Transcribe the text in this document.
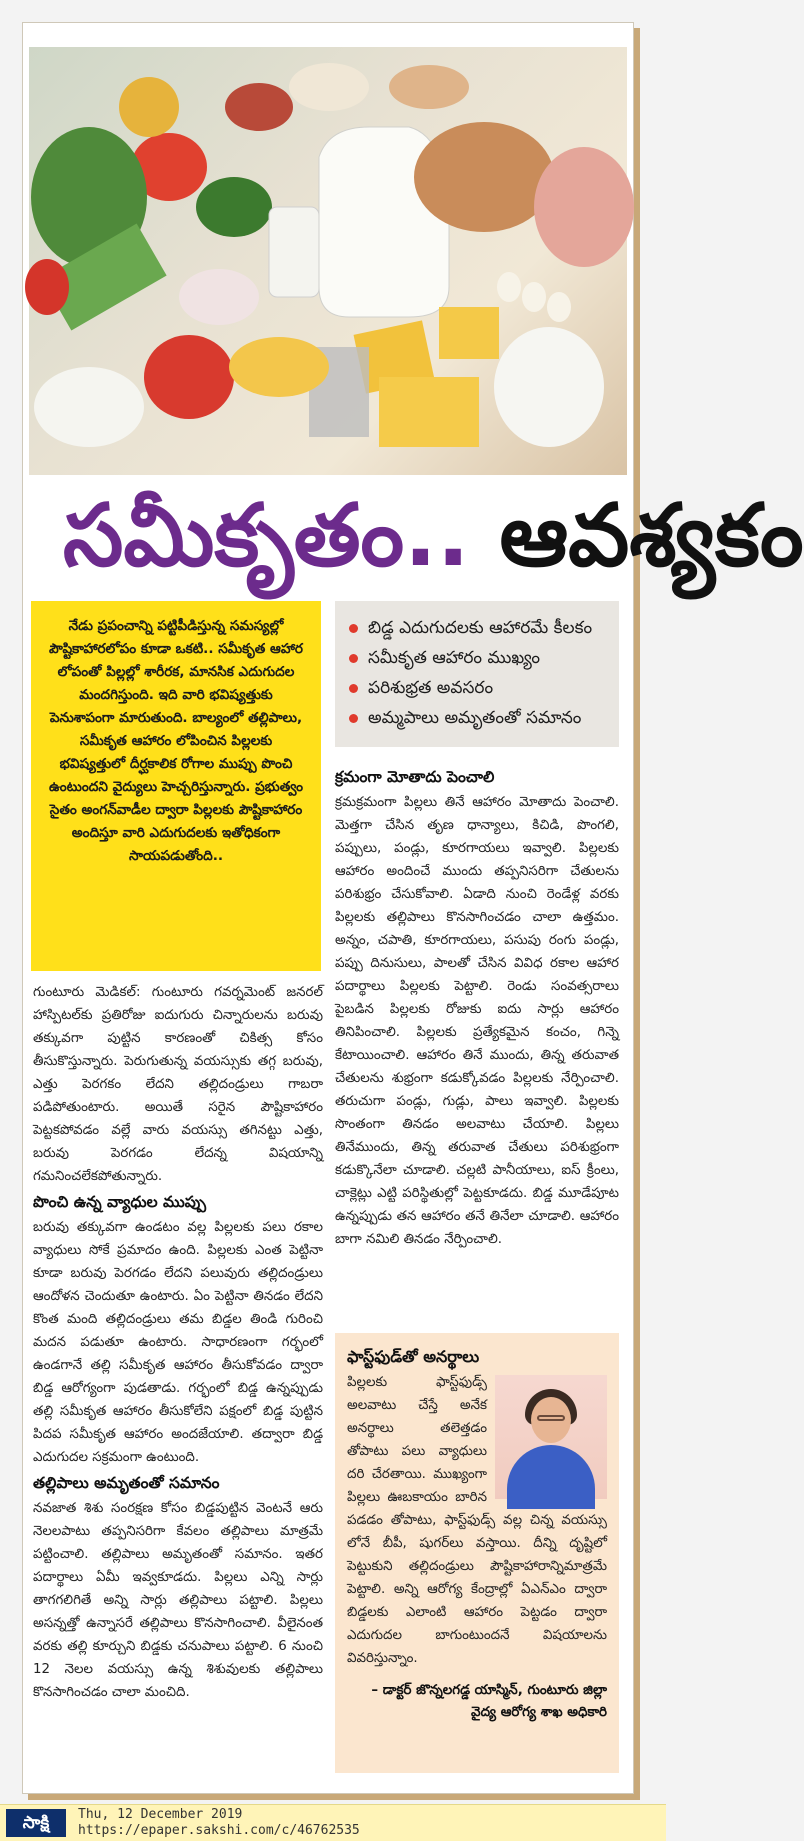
సమీకృతం.. ఆవశ్యకం
నేడు ప్రపంచాన్ని పట్టిపీడిస్తున్న సమస్యల్లో పౌష్టికాహారలోపం కూడా ఒకటి.. సమీకృత ఆహార లోపంతో పిల్లల్లో శారీరక, మానసిక ఎదుగుదల మందగిస్తుంది. ఇది వారి భవిష్యత్తుకు పెనుశాపంగా మారుతుంది. బాల్యంలో తల్లిపాలు, సమీకృత ఆహారం లోపించిన పిల్లలకు భవిష్యత్తులో దీర్ఘకాలిక రోగాల ముప్పు పొంచి ఉంటుందని వైద్యులు హెచ్చరిస్తున్నారు. ప్రభుత్వం సైతం అంగన్‌వాడీల ద్వారా పిల్లలకు పౌష్టికాహారం అందిస్తూ వారి ఎదుగుదలకు ఇతోధికంగా సాయపడుతోంది..
బిడ్డ ఎదుగుదలకు ఆహారమే కీలకం
సమీకృత ఆహారం ముఖ్యం
పరిశుభ్రత అవసరం
అమ్మపాలు అమృతంతో సమానం

గుంటూరు మెడికల్: గుంటూరు గవర్నమెంట్ జనరల్ హాస్పిటల్‌కు ప్రతిరోజు ఐదుగురు చిన్నారులను బరువు తక్కువగా పుట్టిన కారణంతో చికిత్స కోసం తీసుకొస్తున్నారు. పెరుగుతున్న వయస్సుకు తగ్గ బరువు, ఎత్తు పెరగకం లేదని తల్లిదండ్రులు గాబరా పడిపోతుంటారు. అయితే సరైన పౌష్టికాహారం పెట్టకపోవడం వల్లే వారు వయస్సు తగినట్టు ఎత్తు, బరువు పెరగడం లేదన్న విషయాన్ని గమనించలేకపోతున్నారు.

పొంచి ఉన్న వ్యాధుల ముప్పు

బరువు తక్కువగా ఉండటం వల్ల పిల్లలకు పలు రకాల వ్యాధులు సోకే ప్రమాదం ఉంది. పిల్లలకు ఎంత పెట్టినా కూడా బరువు పెరగడం లేదని పలువురు తల్లిదండ్రులు ఆందోళన చెందుతూ ఉంటారు. ఏం పెట్టినా తినడం లేదని కొంత మంది తల్లిదండ్రులు తమ బిడ్డల తిండి గురించి మదన పడుతూ ఉంటారు. సాధారణంగా గర్భంలో ఉండగానే తల్లి సమీకృత ఆహారం తీసుకోవడం ద్వారా బిడ్డ ఆరోగ్యంగా పుడతాడు. గర్భంలో బిడ్డ ఉన్నప్పుడు తల్లి సమీకృత ఆహారం తీసుకోలేని పక్షంలో బిడ్డ పుట్టిన పిదప సమీకృత ఆహారం అందజేయాలి. తద్వారా బిడ్డ ఎదుగుదల సక్రమంగా ఉంటుంది.

తల్లిపాలు అమృతంతో సమానం

నవజాత శిశు సంరక్షణ కోసం బిడ్డపుట్టిన వెంటనే ఆరు నెలలపాటు తప్పనిసరిగా కేవలం తల్లిపాలు మాత్రమే పట్టించాలి. తల్లిపాలు అమృతంతో సమానం. ఇతర పదార్థాలు ఏమీ ఇవ్వకూడదు. పిల్లలు ఎన్ని సార్లు తాగగలిగితే అన్ని సార్లు తల్లిపాలు పట్టాలి. పిల్లలు అసన్నత్తో ఉన్నాసరే తల్లిపాలు కొనసాగించాలి. వీలైనంత వరకు తల్లి కూర్చుని బిడ్డకు చనుపాలు పట్టాలి. 6 నుంచి 12 నెలల వయస్సు ఉన్న శిశువులకు తల్లిపాలు కొనసాగించడం చాలా మంచిది.

క్రమంగా మోతాదు పెంచాలి

క్రమక్రమంగా పిల్లలు తినే ఆహారం మోతాదు పెంచాలి. మెత్తగా చేసిన తృణ ధాన్యాలు, కిచిడి, పొంగలి, పప్పులు, పండ్లు, కూరగాయలు ఇవ్వాలి. పిల్లలకు ఆహారం అందించే ముందు తప్పనిసరిగా చేతులను పరిశుభ్రం చేసుకోవాలి. ఏడాది నుంచి రెండేళ్ల వరకు పిల్లలకు తల్లిపాలు కొనసాగించడం చాలా ఉత్తమం. అన్నం, చపాతి, కూరగాయలు, పసుపు రంగు పండ్లు, పప్పు దినుసులు, పాలతో చేసిన వివిధ రకాల ఆహార పదార్థాలు పిల్లలకు పెట్టాలి. రెండు సంవత్సరాలు పైబడిన పిల్లలకు రోజుకు ఐదు సార్లు ఆహారం తినిపించాలి. పిల్లలకు ప్రత్యేకమైన కంచం, గిన్నె కేటాయించాలి. ఆహారం తినే ముందు, తిన్న తరువాత చేతులను శుభ్రంగా కడుక్కోవడం పిల్లలకు నేర్పించాలి. తరుచుగా పండ్లు, గుడ్లు, పాలు ఇవ్వాలి. పిల్లలకు సొంతంగా తినడం అలవాటు చేయాలి. పిల్లలు తినేముందు, తిన్న తరువాత చేతులు పరిశుభ్రంగా కడుక్కొనేలా చూడాలి. చల్లటి పానీయాలు, ఐస్ క్రీంలు, చాక్లెట్లు ఎట్టి పరిస్థితుల్లో పెట్టకూడదు. బిడ్డ మూడేపూట ఉన్నప్పుడు తన ఆహారం తనే తినేలా చూడాలి. ఆహారం బాగా నమిలి తినడం నేర్పించాలి.

ఫాస్ట్‌ఫుడ్‌తో అనర్థాలు

పిల్లలకు ఫాస్ట్‌ఫుడ్స్ అలవాటు చేస్తే అనేక అనర్థాలు తలెత్తడం తోపాటు పలు వ్యాధులు దరి చేరతాయి. ముఖ్యంగా పిల్లలు ఊబకాయం బారిన పడడం తోపాటు, ఫాస్ట్‌ఫుడ్స్ వల్ల చిన్న వయస్సు లోనే బీపీ, షుగర్‌లు వస్తాయి. దీన్ని దృష్టిలో పెట్టుకుని తల్లిదండ్రులు పౌష్టికాహారాన్నిమాత్రమే పెట్టాలి. అన్ని ఆరోగ్య కేంద్రాల్లో ఏఎన్‌ఎం ద్వారా బిడ్డలకు ఎలాంటి ఆహారం పెట్టడం ద్వారా ఎదుగుదల బాగుంటుందనే విషయాలను వివరిస్తున్నాం.

– డాక్టర్ జొన్నలగడ్డ యాస్మిన్, గుంటూరు జిల్లా వైద్య ఆరోగ్య శాఖ అధికారి
సాక్షి	Thu, 12 December 2019
https://epaper.sakshi.com/c/46762535
